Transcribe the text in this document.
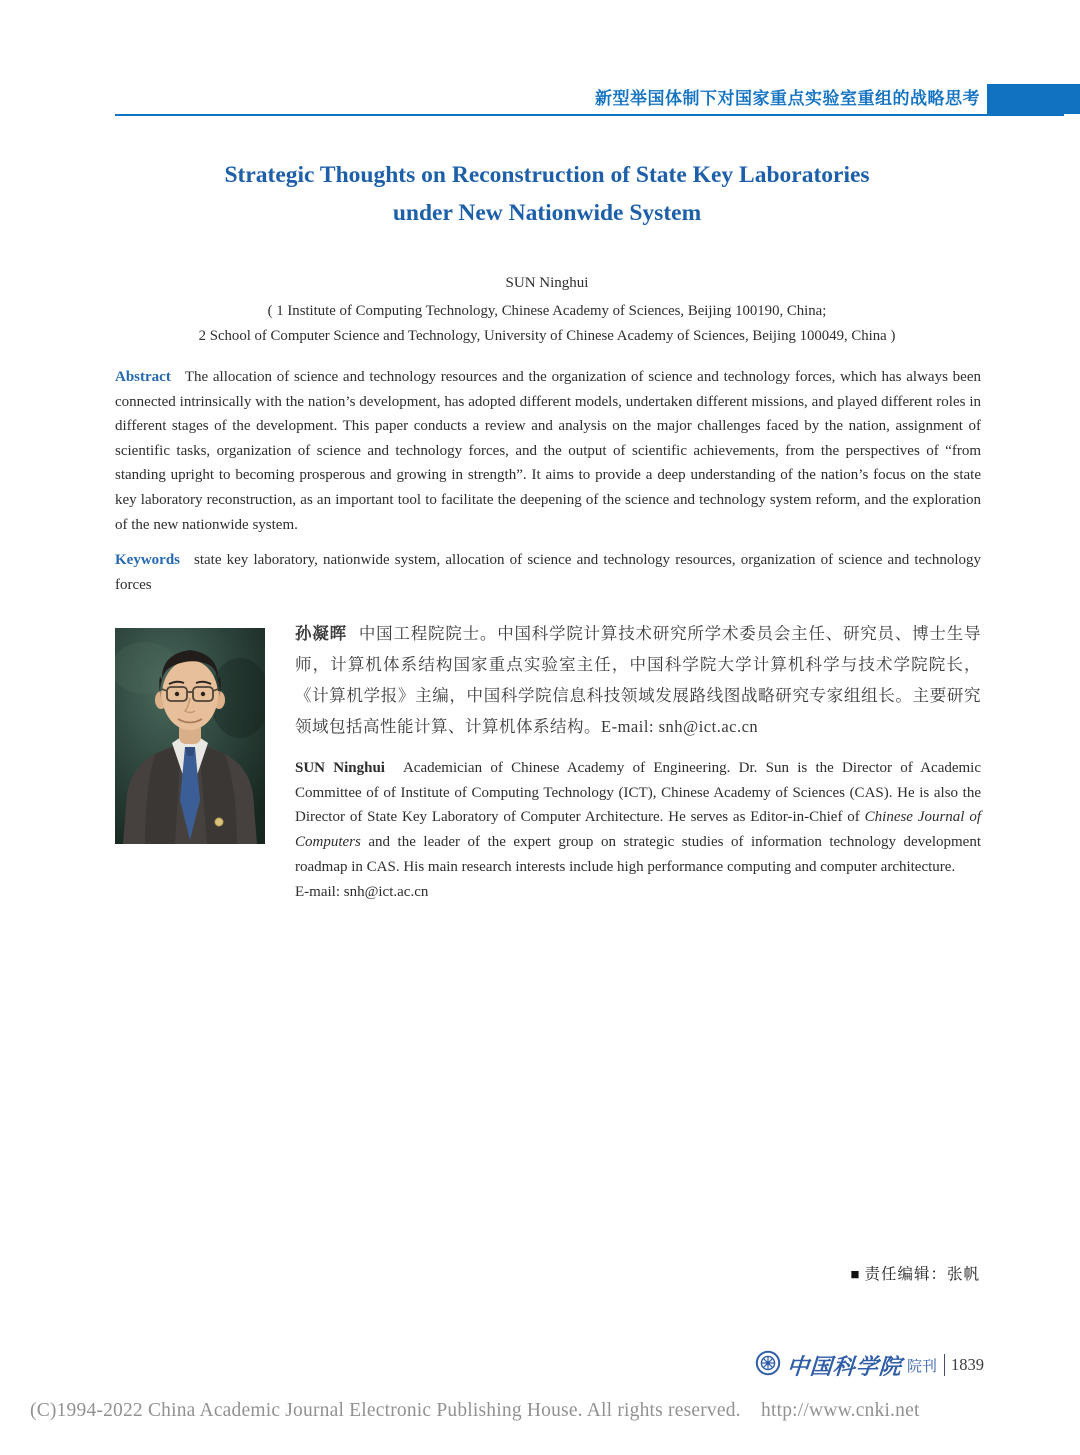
新型举国体制下对国家重点实验室重组的战略思考
Strategic Thoughts on Reconstruction of State Key Laboratories
under New Nationwide System
SUN Ninghui
( 1 Institute of Computing Technology, Chinese Academy of Sciences, Beijing 100190, China;
2 School of Computer Science and Technology, University of Chinese Academy of Sciences, Beijing 100049, China )

Abstract The allocation of science and technology resources and the organization of science and technology forces, which has always been connected intrinsically with the nation’s development, has adopted different models, undertaken different missions, and played different roles in different stages of the development. This paper conducts a review and analysis on the major challenges faced by the nation, assignment of scientific tasks, organization of science and technology forces, and the output of scientific achievements, from the perspectives of “from standing upright to becoming prosperous and growing in strength”. It aims to provide a deep understanding of the nation’s focus on the state key laboratory reconstruction, as an important tool to facilitate the deepening of the science and technology system reform, and the exploration of the new nationwide system.

Keywords state key laboratory, nationwide system, allocation of science and technology resources, organization of science and technology forces

孙凝晖 中国工程院院士。中国科学院计算技术研究所学术委员会主任、研究员、博士生导师，计算机体系结构国家重点实验室主任，中国科学院大学计算机科学与技术学院院长，《计算机学报》主编，中国科学院信息科技领域发展路线图战略研究专家组组长。主要研究领域包括高性能计算、计算机体系结构。E-mail: snh@ict.ac.cn

SUN Ninghui Academician of Chinese Academy of Engineering. Dr. Sun is the Director of Academic Committee of of Institute of Computing Technology (ICT), Chinese Academy of Sciences (CAS). He is also the Director of State Key Laboratory of Computer Architecture. He serves as Editor-in-Chief of Chinese Journal of Computers and the leader of the expert group on strategic studies of information technology development roadmap in CAS. His main research interests include high performance computing and computer architecture.

E-mail: snh@ict.ac.cn

■ 责任编辑：张帆
中国科学院 院刊 1839
(C)1994-2022 China Academic Journal Electronic Publishing House. All rights reserved.    http://www.cnki.net
